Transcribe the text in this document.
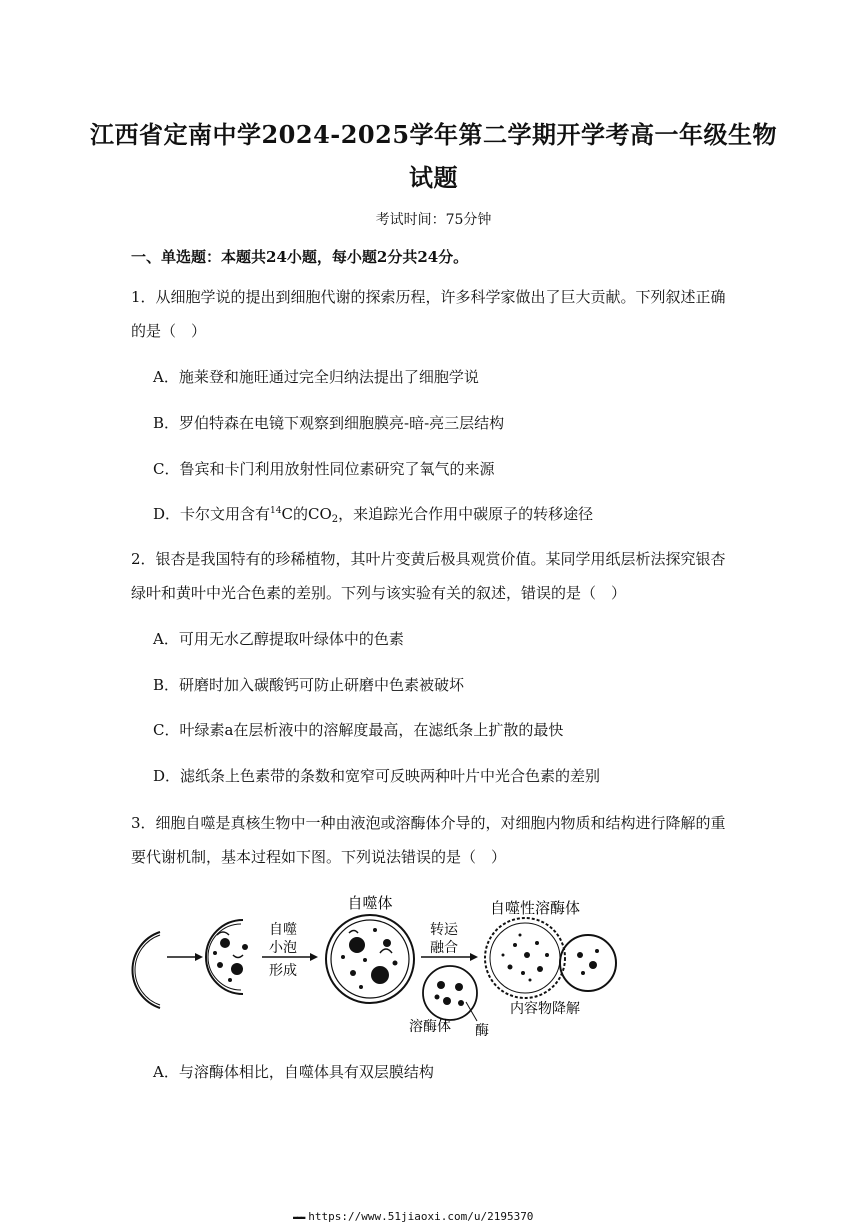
江西省定南中学2024-2025学年第二学期开学考高一年级生物
试题
考试时间：75分钟
一、单选题：本题共24小题，每小题2分共24分。
1．从细胞学说的提出到细胞代谢的探索历程，许多科学家做出了巨大贡献。下列叙述正确
的是（　）
A．施莱登和施旺通过完全归纳法提出了细胞学说
B．罗伯特森在电镜下观察到细胞膜亮-暗-亮三层结构
C．鲁宾和卡门利用放射性同位素研究了氧气的来源
D．卡尔文用含有$^{14}$C的$CO_2$，来追踪光合作用中碳原子的转移途径
2．银杏是我国特有的珍稀植物，其叶片变黄后极具观赏价值。某同学用纸层析法探究银杏
绿叶和黄叶中光合色素的差别。下列与该实验有关的叙述，错误的是（　）
A．可用无水乙醇提取叶绿体中的色素
B．研磨时加入碳酸钙可防止研磨中色素被破坏
C．叶绿素a在层析液中的溶解度最高，在滤纸条上扩散的最快
D．滤纸条上色素带的条数和宽窄可反映两种叶片中光合色素的差别
3．细胞自噬是真核生物中一种由液泡或溶酶体介导的，对细胞内物质和结构进行降解的重
要代谢机制，基本过程如下图。下列说法错误的是（　）
自噬
小泡
形成
自噬体
转运
融合
溶酶体 酶
自噬性溶酶体
内容物降解
A．与溶酶体相比，自噬体具有双层膜结构
▬▬▬ https://www.51jiaoxi.com/u/2195370
